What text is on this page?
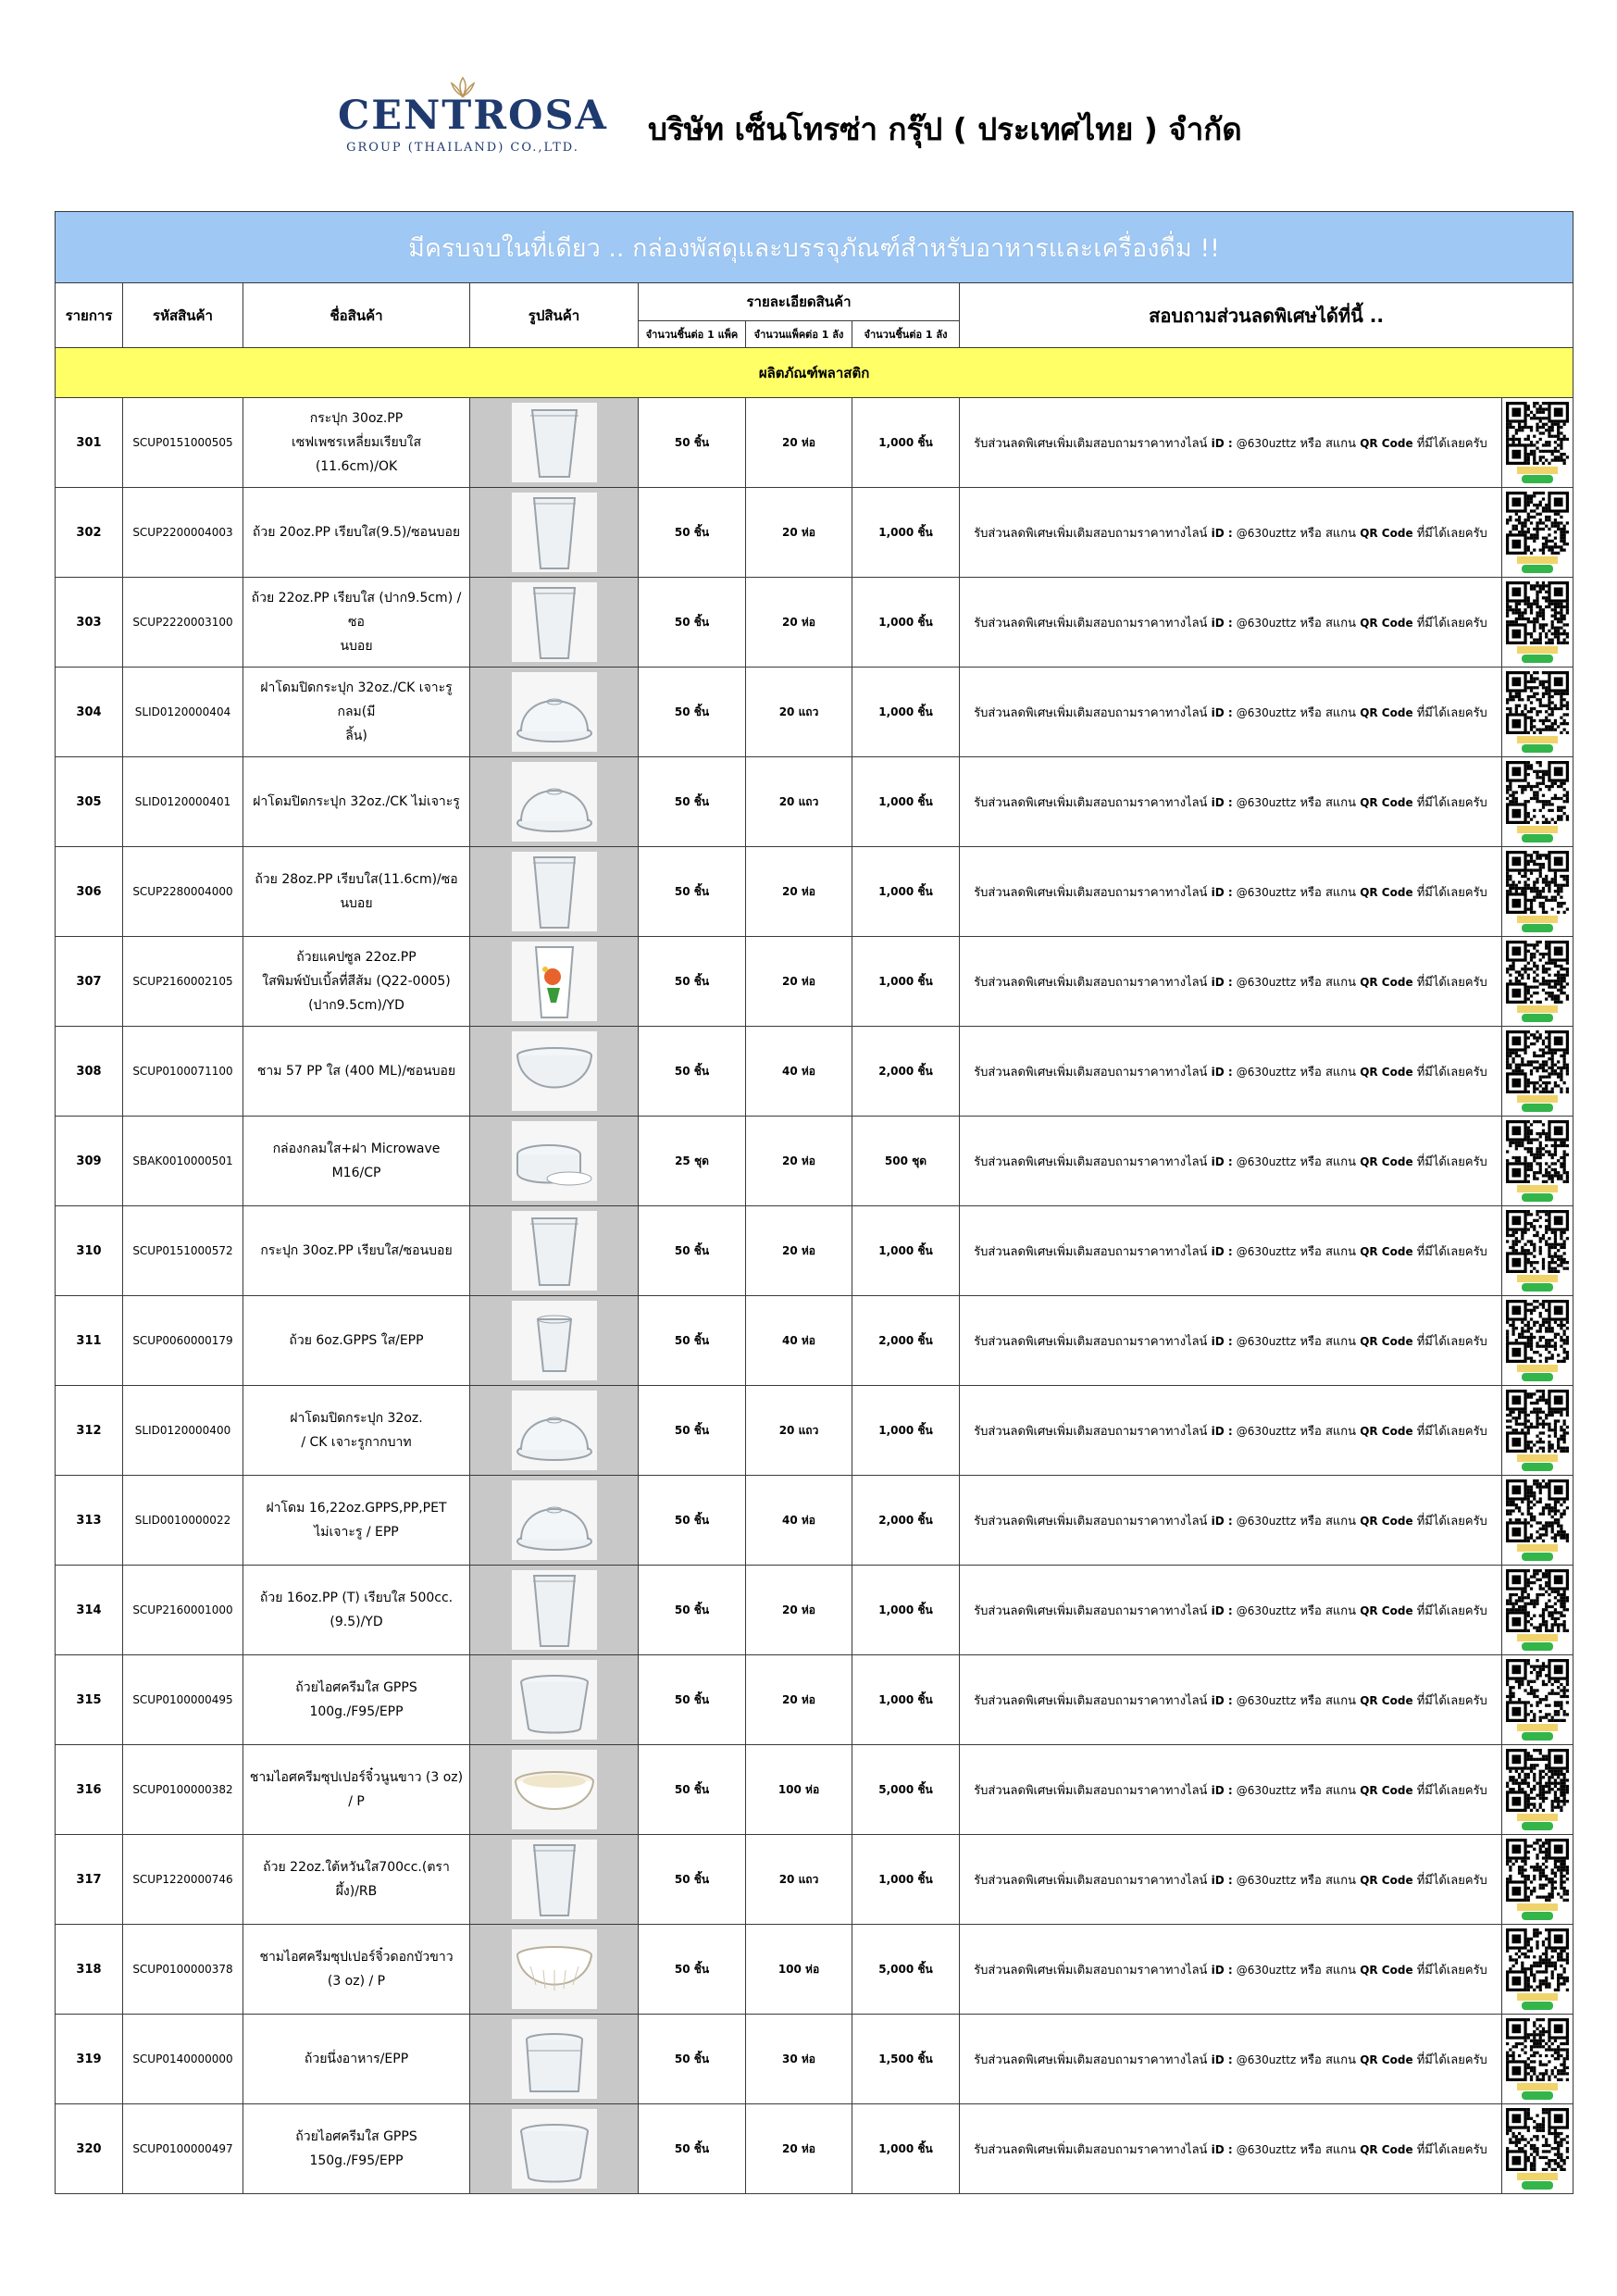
CENTROSA
GROUP (THAILAND) CO.,LTD.
บริษัท เซ็นโทรซ่า กรุ๊ป ( ประเทศไทย ) จำกัด
มีครบจบในที่เดียว .. กล่องพัสดุและบรรจุภัณฑ์สำหรับอาหารและเครื่องดื่ม !!								
รายการ	รหัสสินค้า	ชื่อสินค้า	รูปสินค้า	รายละเอียดสินค้า			สอบถามส่วนลดพิเศษได้ที่นี้ ..	
				จำนวนชิ้นต่อ 1 แพ็ค	จำนวนแพ็คต่อ 1 ลัง	จำนวนชิ้นต่อ 1 ลัง		
ผลิตภัณฑ์พลาสติก								
301	SCUP0151000505	กระปุก 30oz.PP
เซฟเพชรเหลี่ยมเรียบใส (11.6cm)/OK		50 ชิ้น	20 ห่อ	1,000 ชิ้น	รับส่วนลดพิเศษเพิ่มเติมสอบถามราคาทางไลน์ iD : @630uzttz หรือ สแกน QR Code ที่มีได้เลยครับ	

302	SCUP2200004003	ถ้วย 20oz.PP เรียบใส(9.5)/ซอนบอย		50 ชิ้น	20 ห่อ	1,000 ชิ้น	รับส่วนลดพิเศษเพิ่มเติมสอบถามราคาทางไลน์ iD : @630uzttz หรือ สแกน QR Code ที่มีได้เลยครับ	

303	SCUP2220003100	ถ้วย 22oz.PP เรียบใส (ปาก9.5cm) / ซอ
นบอย		50 ชิ้น	20 ห่อ	1,000 ชิ้น	รับส่วนลดพิเศษเพิ่มเติมสอบถามราคาทางไลน์ iD : @630uzttz หรือ สแกน QR Code ที่มีได้เลยครับ	

304	SLID0120000404	ฝาโดมปิดกระปุก 32oz./CK เจาะรูกลม(มี
ลิ้น)		50 ชิ้น	20 แถว	1,000 ชิ้น	รับส่วนลดพิเศษเพิ่มเติมสอบถามราคาทางไลน์ iD : @630uzttz หรือ สแกน QR Code ที่มีได้เลยครับ	

305	SLID0120000401	ฝาโดมปิดกระปุก 32oz./CK ไม่เจาะรู		50 ชิ้น	20 แถว	1,000 ชิ้น	รับส่วนลดพิเศษเพิ่มเติมสอบถามราคาทางไลน์ iD : @630uzttz หรือ สแกน QR Code ที่มีได้เลยครับ	

306	SCUP2280004000	ถ้วย 28oz.PP เรียบใส(11.6cm)/ซอนบอย		50 ชิ้น	20 ห่อ	1,000 ชิ้น	รับส่วนลดพิเศษเพิ่มเติมสอบถามราคาทางไลน์ iD : @630uzttz หรือ สแกน QR Code ที่มีได้เลยครับ	

307	SCUP2160002105	ถ้วยแคปซูล 22oz.PP
ใสพิมพ์บับเบิ้ลที่สีส้ม (Q22-0005)
(ปาก9.5cm)/YD		50 ชิ้น	20 ห่อ	1,000 ชิ้น	รับส่วนลดพิเศษเพิ่มเติมสอบถามราคาทางไลน์ iD : @630uzttz หรือ สแกน QR Code ที่มีได้เลยครับ	

308	SCUP0100071100	ชาม 57 PP ใส (400 ML)/ซอนบอย		50 ชิ้น	40 ห่อ	2,000 ชิ้น	รับส่วนลดพิเศษเพิ่มเติมสอบถามราคาทางไลน์ iD : @630uzttz หรือ สแกน QR Code ที่มีได้เลยครับ	

309	SBAK0010000501	กล่องกลมใส+ฝา Microwave M16/CP		25 ชุด	20 ห่อ	500 ชุด	รับส่วนลดพิเศษเพิ่มเติมสอบถามราคาทางไลน์ iD : @630uzttz หรือ สแกน QR Code ที่มีได้เลยครับ	

310	SCUP0151000572	กระปุก 30oz.PP เรียบใส/ซอนบอย		50 ชิ้น	20 ห่อ	1,000 ชิ้น	รับส่วนลดพิเศษเพิ่มเติมสอบถามราคาทางไลน์ iD : @630uzttz หรือ สแกน QR Code ที่มีได้เลยครับ	

311	SCUP0060000179	ถ้วย 6oz.GPPS ใส/EPP		50 ชิ้น	40 ห่อ	2,000 ชิ้น	รับส่วนลดพิเศษเพิ่มเติมสอบถามราคาทางไลน์ iD : @630uzttz หรือ สแกน QR Code ที่มีได้เลยครับ	

312	SLID0120000400	ฝาโดมปิดกระปุก 32oz.
/ CK เจาะรูกากบาท		50 ชิ้น	20 แถว	1,000 ชิ้น	รับส่วนลดพิเศษเพิ่มเติมสอบถามราคาทางไลน์ iD : @630uzttz หรือ สแกน QR Code ที่มีได้เลยครับ	

313	SLID0010000022	ฝาโดม 16,22oz.GPPS,PP,PET
ไม่เจาะรู / EPP		50 ชิ้น	40 ห่อ	2,000 ชิ้น	รับส่วนลดพิเศษเพิ่มเติมสอบถามราคาทางไลน์ iD : @630uzttz หรือ สแกน QR Code ที่มีได้เลยครับ	

314	SCUP2160001000	ถ้วย 16oz.PP (T) เรียบใส 500cc.(9.5)/YD		50 ชิ้น	20 ห่อ	1,000 ชิ้น	รับส่วนลดพิเศษเพิ่มเติมสอบถามราคาทางไลน์ iD : @630uzttz หรือ สแกน QR Code ที่มีได้เลยครับ	

315	SCUP0100000495	ถ้วยไอศครีมใส GPPS 100g./F95/EPP		50 ชิ้น	20 ห่อ	1,000 ชิ้น	รับส่วนลดพิเศษเพิ่มเติมสอบถามราคาทางไลน์ iD : @630uzttz หรือ สแกน QR Code ที่มีได้เลยครับ	

316	SCUP0100000382	ชามไอศครีมซุปเปอร์จิ๋วนูนขาว (3 oz)
/ P		50 ชิ้น	100 ห่อ	5,000 ชิ้น	รับส่วนลดพิเศษเพิ่มเติมสอบถามราคาทางไลน์ iD : @630uzttz หรือ สแกน QR Code ที่มีได้เลยครับ	

317	SCUP1220000746	ถ้วย 22oz.ใต้หวันใส700cc.(ตราผึ้ง)/RB		50 ชิ้น	20 แถว	1,000 ชิ้น	รับส่วนลดพิเศษเพิ่มเติมสอบถามราคาทางไลน์ iD : @630uzttz หรือ สแกน QR Code ที่มีได้เลยครับ	

318	SCUP0100000378	ชามไอศครีมซุปเปอร์จิ๋วดอกบัวขาว
(3 oz) / P		50 ชิ้น	100 ห่อ	5,000 ชิ้น	รับส่วนลดพิเศษเพิ่มเติมสอบถามราคาทางไลน์ iD : @630uzttz หรือ สแกน QR Code ที่มีได้เลยครับ	

319	SCUP0140000000	ถ้วยนึ่งอาหาร/EPP		50 ชิ้น	30 ห่อ	1,500 ชิ้น	รับส่วนลดพิเศษเพิ่มเติมสอบถามราคาทางไลน์ iD : @630uzttz หรือ สแกน QR Code ที่มีได้เลยครับ	

320	SCUP0100000497	ถ้วยไอศครีมใส GPPS 150g./F95/EPP		50 ชิ้น	20 ห่อ	1,000 ชิ้น	รับส่วนลดพิเศษเพิ่มเติมสอบถามราคาทางไลน์ iD : @630uzttz หรือ สแกน QR Code ที่มีได้เลยครับ	
